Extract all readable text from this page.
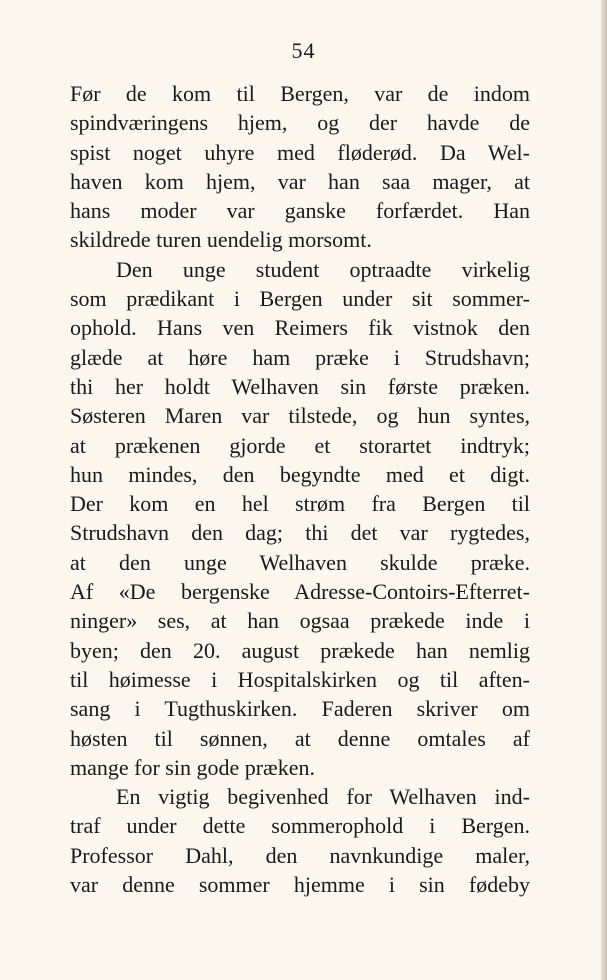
54
Før de kom til Bergen, var de indom
spindværingens hjem, og der havde de
spist noget uhyre med fløderød. Da Wel-
haven kom hjem, var han saa mager, at
hans moder var ganske forfærdet. Han
skildrede turen uendelig morsomt.
Den unge student optraadte virkelig
som prædikant i Bergen under sit sommer-
ophold. Hans ven Reimers fik vistnok den
glæde at høre ham præke i Strudshavn;
thi her holdt Welhaven sin første præken.
Søsteren Maren var tilstede, og hun syntes,
at prækenen gjorde et storartet indtryk;
hun mindes, den begyndte med et digt.
Der kom en hel strøm fra Bergen til
Strudshavn den dag; thi det var rygtedes,
at den unge Welhaven skulde præke.
Af «De bergenske Adresse-Contoirs-Efterret-
ninger» ses, at han ogsaa prækede inde i
byen; den 20. august prækede han nemlig
til høimesse i Hospitalskirken og til aften-
sang i Tugthuskirken. Faderen skriver om
høsten til sønnen, at denne omtales af
mange for sin gode præken.
En vigtig begivenhed for Welhaven ind-
traf under dette sommerophold i Bergen.
Professor Dahl, den navnkundige maler,
var denne sommer hjemme i sin fødeby
